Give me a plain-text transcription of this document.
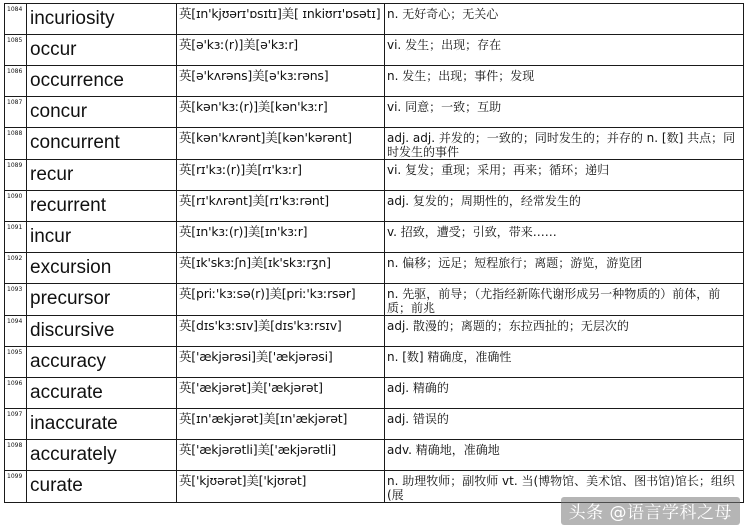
1084	incuriosity	英[ɪn'kjʊərɪ'ɒsɪtɪ]美[ ɪnkiʊrɪ'ɒsətɪ]	n. 无好奇心；无关心
1085	occur	英[ə'kɜː(r)]美[ə'kɜːr]	vi. 发生；出现；存在
1086	occurrence	英[ə'kʌrəns]美[ə'kɜːrəns]	n. 发生；出现；事件；发现
1087	concur	英[kən'kɜː(r)]美[kən'kɜːr]	vi. 同意；一致；互助
1088	concurrent	英[kən'kʌrənt]美[kən'kərənt]	adj. adj. 并发的；一致的；同时发生的；并存的 n. [数] 共点；同时发生的事件
1089	recur	英[rɪ'kɜː(r)]美[rɪ'kɜːr]	vi. 复发；重现；采用；再来；循环；递归
1090	recurrent	英[rɪ'kʌrənt]美[rɪ'kɜːrənt]	adj. 复发的；周期性的，经常发生的
1091	incur	英[ɪn'kɜː(r)]美[ɪn'kɜːr]	v. 招致，遭受；引致，带来……
1092	excursion	英[ɪk'skɜːʃn]美[ɪk'skɜːrʒn]	n. 偏移；远足；短程旅行；离题；游览，游览团
1093	precursor	英[priː'kɜːsə(r)]美[priː'kɜːrsər]	n. 先驱，前导；（尤指经新陈代谢形成另一种物质的）前体，前质；前兆
1094	discursive	英[dɪs'kɜːsɪv]美[dɪs'kɜːrsɪv]	adj. 散漫的；离题的；东拉西扯的；无层次的
1095	accuracy	英['ækjərəsi]美['ækjərəsi]	n. [数] 精确度，准确性
1096	accurate	英['ækjərət]美['ækjərət]	adj. 精确的
1097	inaccurate	英[ɪn'ækjərət]美[ɪn'ækjərət]	adj. 错误的
1098	accurately	英['ækjərətli]美['ækjərətli]	adv. 精确地，准确地
1099	curate	英['kjʊərət]美['kjʊrət]	n. 助理牧师；副牧师 vt. 当(博物馆、美术馆、图书馆)馆长；组织(展
头条 @语言学科之母
